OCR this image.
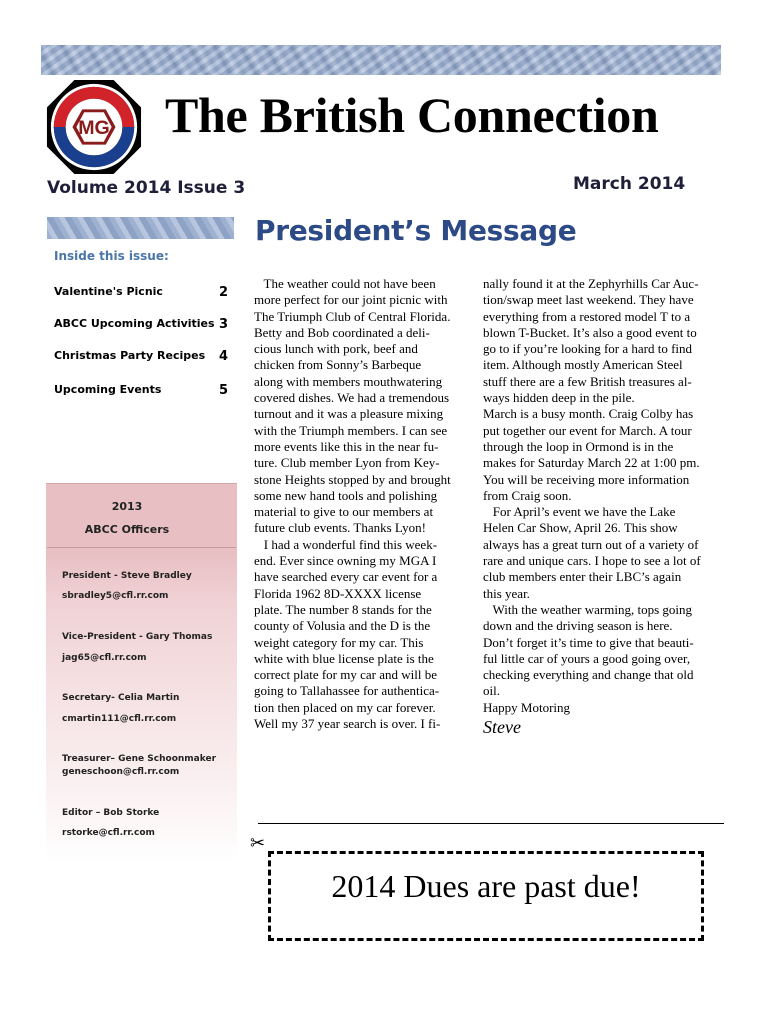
MG The British Connection
Volume 2014 Issue 3	March 2014
Inside this issue:
Valentine's Picnic	2
ABCC Upcoming Activities 3
Christmas Party Recipes 4
Upcoming Events	5
2013
ABCC Officers
President - Steve Bradley
sbradley5@cfl.rr.com
Vice-President - Gary Thomas
jag65@cfl.rr.com
Secretary- Celia Martin
cmartin111@cfl.rr.com
Treasurer– Gene Schoonmaker
geneschoon@cfl.rr.com
Editor – Bob Storke
rstorke@cfl.rr.com
President’s Message
The weather could not have been
more perfect for our joint picnic with
The Triumph Club of Central Florida.
Betty and Bob coordinated a deli-
cious lunch with pork, beef and
chicken from Sonny’s Barbeque
along with members mouthwatering
covered dishes. We had a tremendous
turnout and it was a pleasure mixing
with the Triumph members. I can see
more events like this in the near fu-
ture. Club member Lyon from Key-
stone Heights stopped by and brought
some new hand tools and polishing
material to give to our members at
future club events. Thanks Lyon!
I had a wonderful find this week-
end. Ever since owning my MGA I
have searched every car event for a
Florida 1962 8D-XXXX license
plate. The number 8 stands for the
county of Volusia and the D is the
weight category for my car. This
white with blue license plate is the
correct plate for my car and will be
going to Tallahassee for authentica-
tion then placed on my car forever.
Well my 37 year search is over. I fi-
nally found it at the Zephyrhills Car Auc-
tion/swap meet last weekend. They have
everything from a restored model T to a
blown T-Bucket. It’s also a good event to
go to if you’re looking for a hard to find
item. Although mostly American Steel
stuff there are a few British treasures al-
ways hidden deep in the pile.
March is a busy month. Craig Colby has
put together our event for March. A tour
through the loop in Ormond is in the
makes for Saturday March 22 at 1:00 pm.
You will be receiving more information
from Craig soon.
For April’s event we have the Lake
Helen Car Show, April 26. This show
always has a great turn out of a variety of
rare and unique cars. I hope to see a lot of
club members enter their LBC’s again
this year.
With the weather warming, tops going
down and the driving season is here.
Don’t forget it’s time to give that beauti-
ful little car of yours a good going over,
checking everything and change that old
oil.
Happy Motoring
Steve
✂
2014 Dues are past due!
